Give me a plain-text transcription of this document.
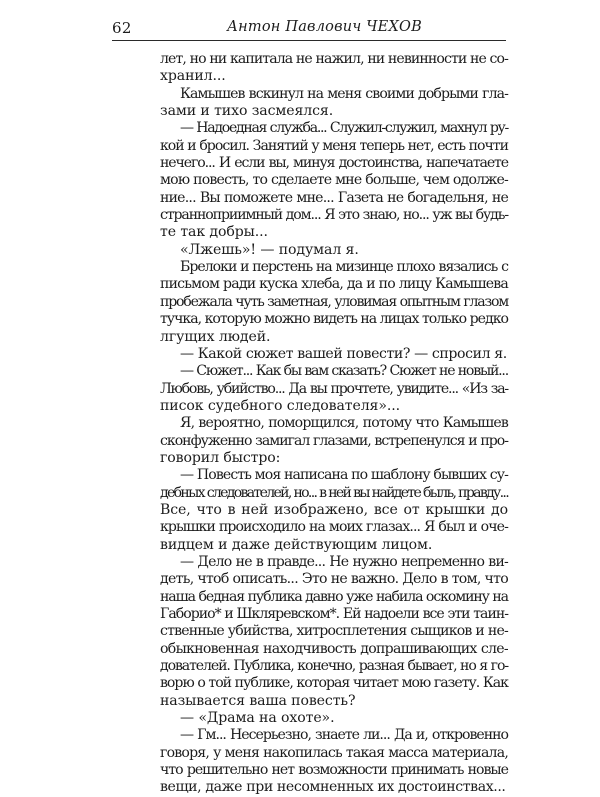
62	Антон Павлович ЧЕХОВ
лет, но ни капитала не нажил, ни невинности не со-
хранил...
Камышев вскинул на меня своими добрыми гла-
зами и тихо засмеялся.
— Надоедная служба... Служил-служил, махнул ру-
кой и бросил. Занятий у меня теперь нет, есть почти
нечего... И если вы, минуя достоинства, напечатаете
мою повесть, то сделаете мне больше, чем одолже-
ние... Вы поможете мне... Газета не богадельня, не
странноприимный дом... Я это знаю, но... уж вы будь-
те так добры...
«Лжешь»! — подумал я.
Брелоки и перстень на мизинце плохо вязались с
письмом ради куска хлеба, да и по лицу Камышева
пробежала чуть заметная, уловимая опытным глазом
тучка, которую можно видеть на лицах только редко
лгущих людей.
— Какой сюжет вашей повести? — спросил я.
— Сюжет... Как бы вам сказать? Сюжет не новый...
Любовь, убийство... Да вы прочтете, увидите... «Из за-
писок судебного следователя»...
Я, вероятно, поморщился, потому что Камышев
сконфуженно замигал глазами, встрепенулся и про-
говорил быстро:
— Повесть моя написана по шаблону бывших су-
дебных следователей, но... в ней вы найдете быль, правду...
Все, что в ней изображено, все от крышки до
крышки происходило на моих глазах... Я был и оче-
видцем и даже действующим лицом.
— Дело не в правде... Не нужно непременно ви-
деть, чтоб описать... Это не важно. Дело в том, что
наша бедная публика давно уже набила оскомину на
Габорио* и Шкляревском*. Ей надоели все эти таин-
ственные убийства, хитросплетения сыщиков и не-
обыкновенная находчивость допрашивающих сле-
дователей. Публика, конечно, разная бывает, но я го-
ворю о той публике, которая читает мою газету. Как
называется ваша повесть?
— «Драма на охоте».
— Гм... Несерьезно, знаете ли... Да и, откровенно
говоря, у меня накопилась такая масса материала,
что решительно нет возможности принимать новые
вещи, даже при несомненных их достоинствах...
